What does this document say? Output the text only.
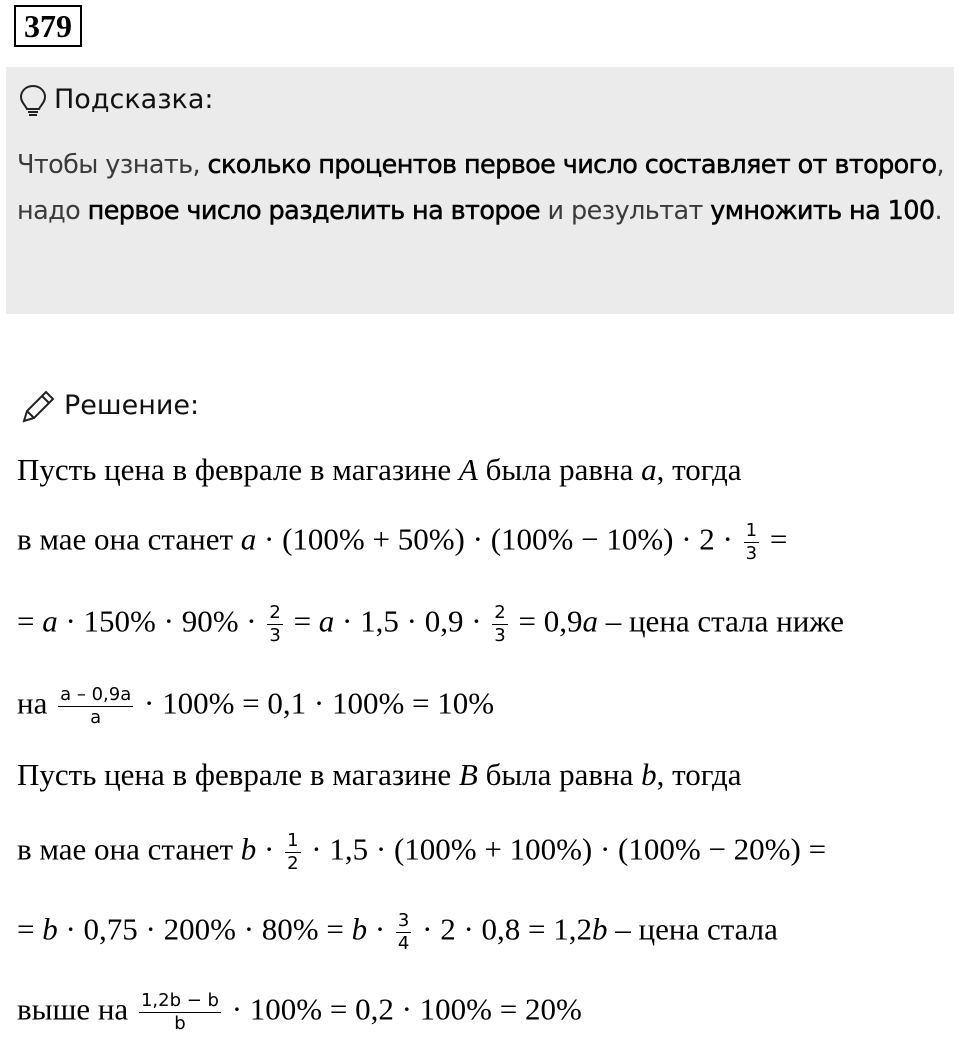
379
Подсказка:
Чтобы узнать, сколько процентов первое число составляет от второго, надо первое число разделить на второе и результат умножить на 100.
Решение:
Пусть цена в феврале в магазине A была равна a, тогда
в мае она станет $a \cdot (100\% + 50\%) \cdot (100\% - 10\%) \cdot 2 \cdot \frac{1}{3}$ =
= $a \cdot 150\% \cdot 90\% \cdot \frac{2}{3} = a \cdot 1,5 \cdot 0,9 \cdot \frac{2}{3} = 0,9a$ – цена стала ниже
на $\frac{a - 0,9a}{a} \cdot 100\% = 0,1 \cdot 100\% = 10\%$
Пусть цена в феврале в магазине B была равна b, тогда
в мае она станет $b \cdot \frac{1}{2} \cdot 1,5 \cdot (100\% + 100\%) \cdot (100\% - 20\%)$ =
= $b \cdot 0,75 \cdot 200\% \cdot 80\% = b \cdot \frac{3}{4} \cdot 2 \cdot 0,8 = 1,2b$ – цена стала
выше на $\frac{1,2b - b}{b} \cdot 100\% = 0,2 \cdot 100\% = 20\%$
